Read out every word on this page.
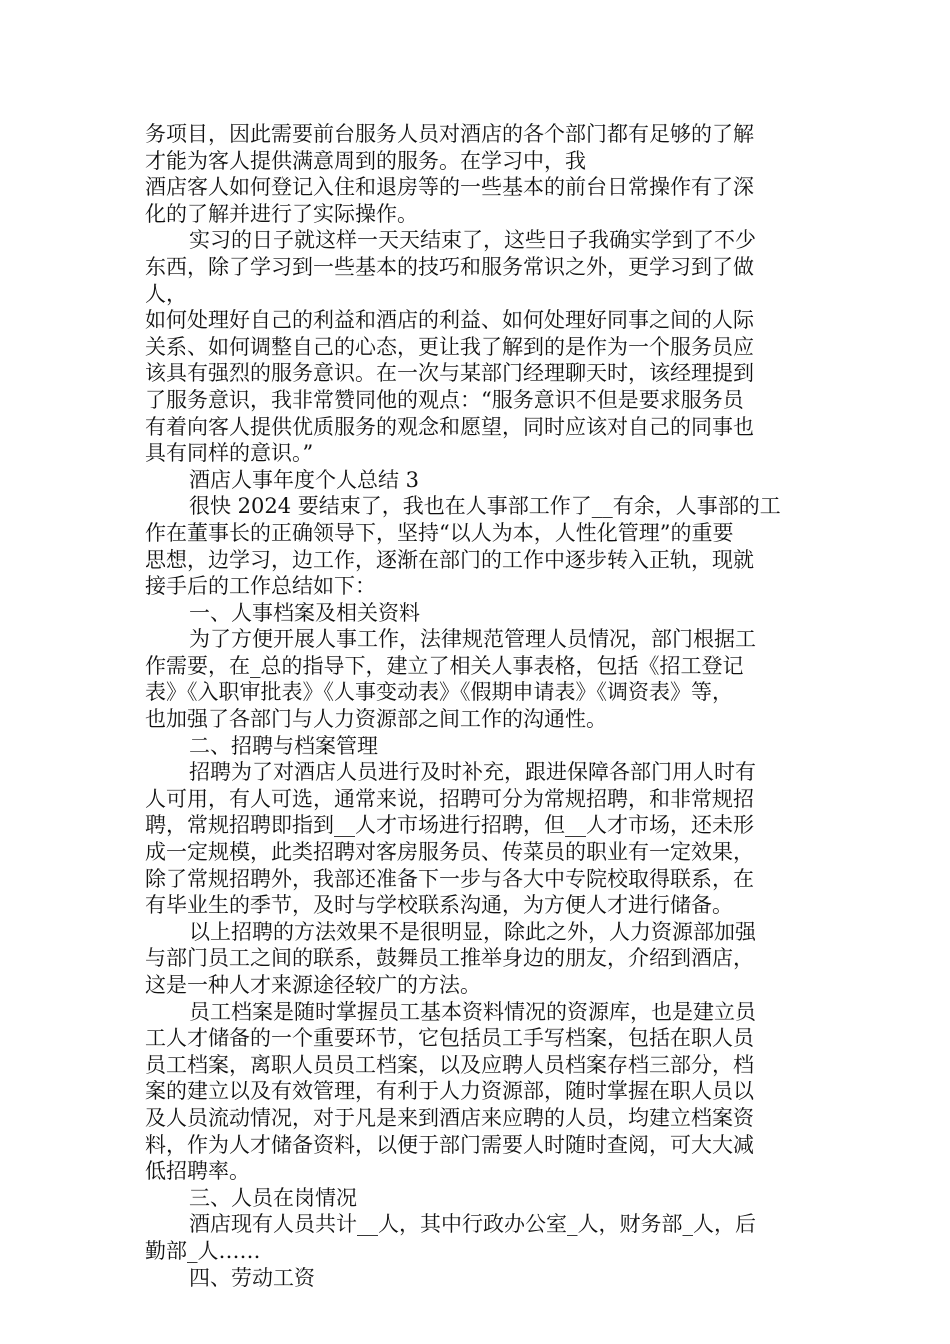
务项目，因此需要前台服务人员对酒店的各个部门都有足够的了解
才能为客人提供满意周到的服务。在学习中，我
酒店客人如何登记入住和退房等的一些基本的前台日常操作有了深
化的了解并进行了实际操作。
实习的日子就这样一天天结束了，这些日子我确实学到了不少
东西，除了学习到一些基本的技巧和服务常识之外，更学习到了做
人，
如何处理好自己的利益和酒店的利益、如何处理好同事之间的人际
关系、如何调整自己的心态，更让我了解到的是作为一个服务员应
该具有强烈的服务意识。在一次与某部门经理聊天时，该经理提到
了服务意识，我非常赞同他的观点：“服务意识不但是要求服务员
有着向客人提供优质服务的观念和愿望，同时应该对自己的同事也
具有同样的意识。”
酒店人事年度个人总结 3
很快 2024 要结束了，我也在人事部工作了__有余，人事部的工
作在董事长的正确领导下，坚持“以人为本，人性化管理”的重要
思想，边学习，边工作，逐渐在部门的工作中逐步转入正轨，现就
接手后的工作总结如下：
一、人事档案及相关资料
为了方便开展人事工作，法律规范管理人员情况，部门根据工
作需要，在_总的指导下，建立了相关人事表格，包括《招工登记
表》《入职审批表》《人事变动表》《假期申请表》《调资表》等，
也加强了各部门与人力资源部之间工作的沟通性。
二、招聘与档案管理
招聘为了对酒店人员进行及时补充，跟进保障各部门用人时有
人可用，有人可选，通常来说，招聘可分为常规招聘，和非常规招
聘，常规招聘即指到__人才市场进行招聘，但__人才市场，还未形
成一定规模，此类招聘对客房服务员、传菜员的职业有一定效果，
除了常规招聘外，我部还准备下一步与各大中专院校取得联系，在
有毕业生的季节，及时与学校联系沟通，为方便人才进行储备。
以上招聘的方法效果不是很明显，除此之外，人力资源部加强
与部门员工之间的联系，鼓舞员工推举身边的朋友，介绍到酒店，
这是一种人才来源途径较广的方法。
员工档案是随时掌握员工基本资料情况的资源库，也是建立员
工人才储备的一个重要环节，它包括员工手写档案，包括在职人员
员工档案，离职人员员工档案，以及应聘人员档案存档三部分，档
案的建立以及有效管理，有利于人力资源部，随时掌握在职人员以
及人员流动情况，对于凡是来到酒店来应聘的人员，均建立档案资
料，作为人才储备资料，以便于部门需要人时随时查阅，可大大减
低招聘率。
三、人员在岗情况
酒店现有人员共计__人，其中行政办公室_人，财务部_人，后
勤部_人……
四、劳动工资
